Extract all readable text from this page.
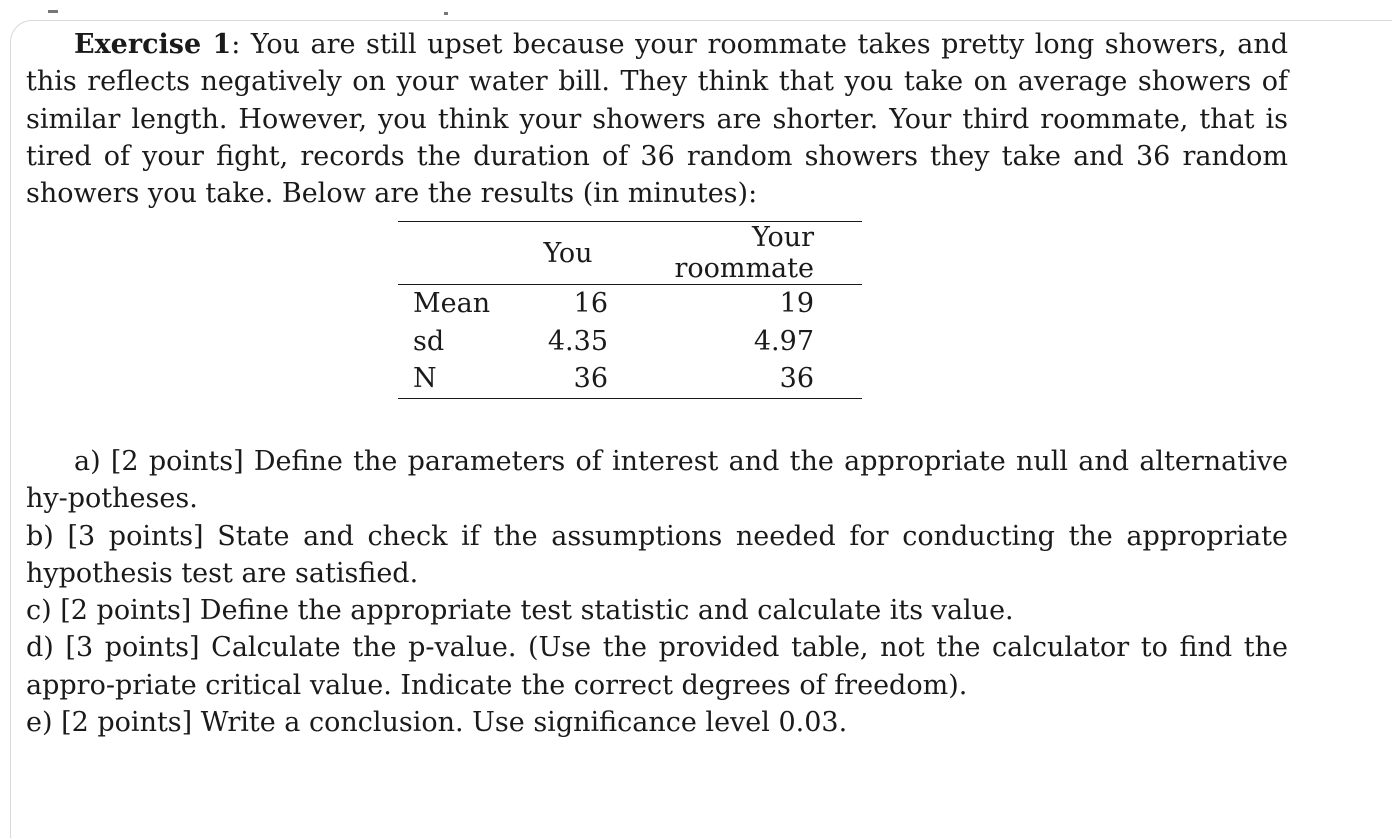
Exercise 1: You are still upset because your roommate takes pretty long showers, and this reflects negatively on your water bill. They think that you take on average showers of similar length. However, you think your showers are shorter. Your third roommate, that is tired of your fight, records the duration of 36 random showers they take and 36 random showers you take. Below are the results (in minutes):

	You	Your roommate
Mean	16	19
sd	4.35	4.97
N	36	36

a) [2 points] Define the parameters of interest and the appropriate null and alternative hy-potheses.

b) [3 points] State and check if the assumptions needed for conducting the appropriate hypothesis test are satisfied.

c) [2 points] Define the appropriate test statistic and calculate its value.

d) [3 points] Calculate the p-value. (Use the provided table, not the calculator to find the appro-priate critical value. Indicate the correct degrees of freedom).

e) [2 points] Write a conclusion. Use significance level 0.03.
